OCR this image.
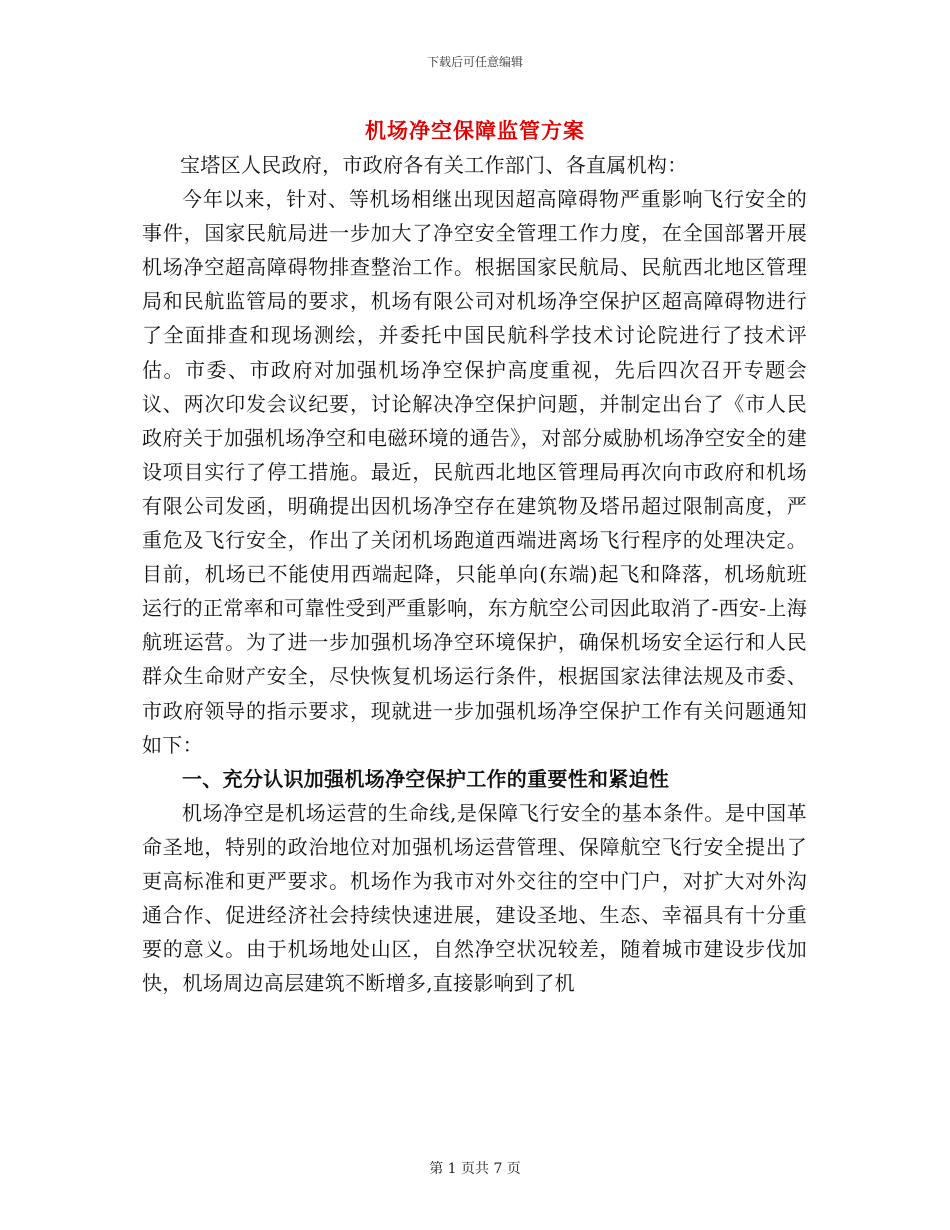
下载后可任意编辑
机场净空保障监管方案

宝塔区人民政府，市政府各有关工作部门、各直属机构：

今年以来，针对、等机场相继出现因超高障碍物严重影响飞行安全的事件，国家民航局进一步加大了净空安全管理工作力度，在全国部署开展机场净空超高障碍物排查整治工作。根据国家民航局、民航西北地区管理局和民航监管局的要求，机场有限公司对机场净空保护区超高障碍物进行了全面排查和现场测绘，并委托中国民航科学技术讨论院进行了技术评估。市委、市政府对加强机场净空保护高度重视，先后四次召开专题会议、两次印发会议纪要，讨论解决净空保护问题，并制定出台了《市人民政府关于加强机场净空和电磁环境的通告》，对部分威胁机场净空安全的建设项目实行了停工措施。最近，民航西北地区管理局再次向市政府和机场有限公司发函，明确提出因机场净空存在建筑物及塔吊超过限制高度，严重危及飞行安全，作出了关闭机场跑道西端进离场飞行程序的处理决定。目前，机场已不能使用西端起降，只能单向(东端)起飞和降落，机场航班运行的正常率和可靠性受到严重影响，东方航空公司因此取消了-西安-上海航班运营。为了进一步加强机场净空环境保护，确保机场安全运行和人民群众生命财产安全，尽快恢复机场运行条件，根据国家法律法规及市委、市政府领导的指示要求，现就进一步加强机场净空保护工作有关问题通知如下：

一、充分认识加强机场净空保护工作的重要性和紧迫性

机场净空是机场运营的生命线,是保障飞行安全的基本条件。是中国革命圣地，特别的政治地位对加强机场运营管理、保障航空飞行安全提出了更高标准和更严要求。机场作为我市对外交往的空中门户，对扩大对外沟通合作、促进经济社会持续快速进展，建设圣地、生态、幸福具有十分重要的意义。由于机场地处山区，自然净空状况较差，随着城市建设步伐加快，机场周边高层建筑不断增多,直接影响到了机

第 1 页共 7 页
